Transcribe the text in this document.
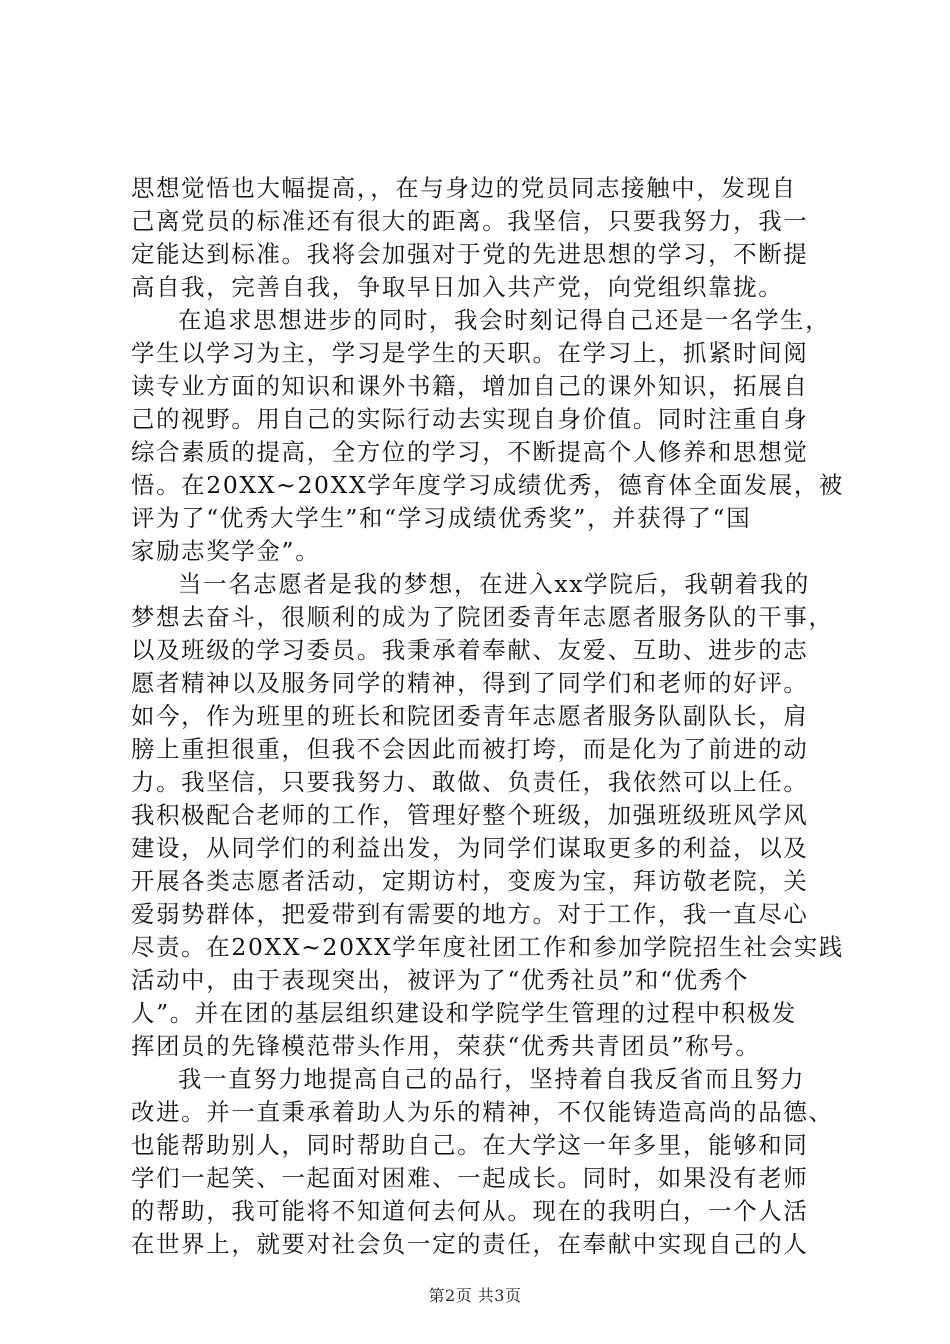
思想觉悟也大幅提高，，在与身边的党员同志接触中，发现自
己离党员的标准还有很大的距离。我坚信，只要我努力，我一
定能达到标准。我将会加强对于党的先进思想的学习，不断提
高自我，完善自我，争取早日加入共产党，向党组织靠拢。
在追求思想进步的同时，我会时刻记得自己还是一名学生，
学生以学习为主，学习是学生的天职。在学习上，抓紧时间阅
读专业方面的知识和课外书籍，增加自己的课外知识，拓展自
己的视野。用自己的实际行动去实现自身价值。同时注重自身
综合素质的提高，全方位的学习，不断提高个人修养和思想觉
悟。在20XX~20XX学年度学习成绩优秀，德育体全面发展，被
评为了“优秀大学生”和“学习成绩优秀奖”，并获得了“国
家励志奖学金”。
当一名志愿者是我的梦想，在进入xx学院后，我朝着我的
梦想去奋斗，很顺利的成为了院团委青年志愿者服务队的干事，
以及班级的学习委员。我秉承着奉献、友爱、互助、进步的志
愿者精神以及服务同学的精神，得到了同学们和老师的好评。
如今，作为班里的班长和院团委青年志愿者服务队副队长，肩
膀上重担很重，但我不会因此而被打垮，而是化为了前进的动
力。我坚信，只要我努力、敢做、负责任，我依然可以上任。
我积极配合老师的工作，管理好整个班级，加强班级班风学风
建设，从同学们的利益出发，为同学们谋取更多的利益，以及
开展各类志愿者活动，定期访村，变废为宝，拜访敬老院，关
爱弱势群体，把爱带到有需要的地方。对于工作，我一直尽心
尽责。在20XX~20XX学年度社团工作和参加学院招生社会实践
活动中，由于表现突出，被评为了“优秀社员”和“优秀个
人”。并在团的基层组织建设和学院学生管理的过程中积极发
挥团员的先锋模范带头作用，荣获“优秀共青团员”称号。
我一直努力地提高自己的品行，坚持着自我反省而且努力
改进。并一直秉承着助人为乐的精神，不仅能铸造高尚的品德、
也能帮助别人，同时帮助自己。在大学这一年多里，能够和同
学们一起笑、一起面对困难、一起成长。同时，如果没有老师
的帮助，我可能将不知道何去何从。现在的我明白，一个人活
在世界上，就要对社会负一定的责任，在奉献中实现自己的人
第2页 共3页
